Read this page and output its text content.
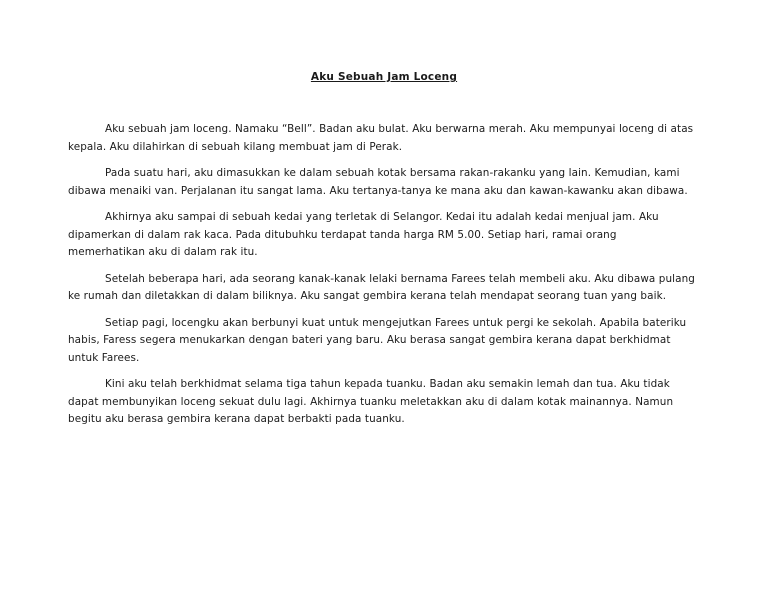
Aku Sebuah Jam Loceng

Aku sebuah jam loceng. Namaku “Bell”. Badan aku bulat. Aku berwarna merah. Aku mempunyai loceng di atas kepala. Aku dilahirkan di sebuah kilang membuat jam di Perak.

Pada suatu hari, aku dimasukkan ke dalam sebuah kotak bersama rakan-rakanku yang lain. Kemudian, kami dibawa menaiki van. Perjalanan itu sangat lama. Aku tertanya-tanya ke mana aku dan kawan-kawanku akan dibawa.

Akhirnya aku sampai di sebuah kedai yang terletak di Selangor. Kedai itu adalah kedai menjual jam. Aku dipamerkan di dalam rak kaca. Pada ditubuhku terdapat tanda harga RM 5.00. Setiap hari, ramai orang memerhatikan aku di dalam rak itu.

Setelah beberapa hari, ada seorang kanak-kanak lelaki bernama Farees telah membeli aku. Aku dibawa pulang ke rumah dan diletakkan di dalam biliknya. Aku sangat gembira kerana telah mendapat seorang tuan yang baik.

Setiap pagi, locengku akan berbunyi kuat untuk mengejutkan Farees untuk pergi ke sekolah. Apabila bateriku habis, Faress segera menukarkan dengan bateri yang baru. Aku berasa sangat gembira kerana dapat berkhidmat untuk Farees.

Kini aku telah berkhidmat selama tiga tahun kepada tuanku. Badan aku semakin lemah dan tua. Aku tidak dapat membunyikan loceng sekuat dulu lagi. Akhirnya tuanku meletakkan aku di dalam kotak mainannya. Namun begitu aku berasa gembira kerana dapat berbakti pada tuanku.
